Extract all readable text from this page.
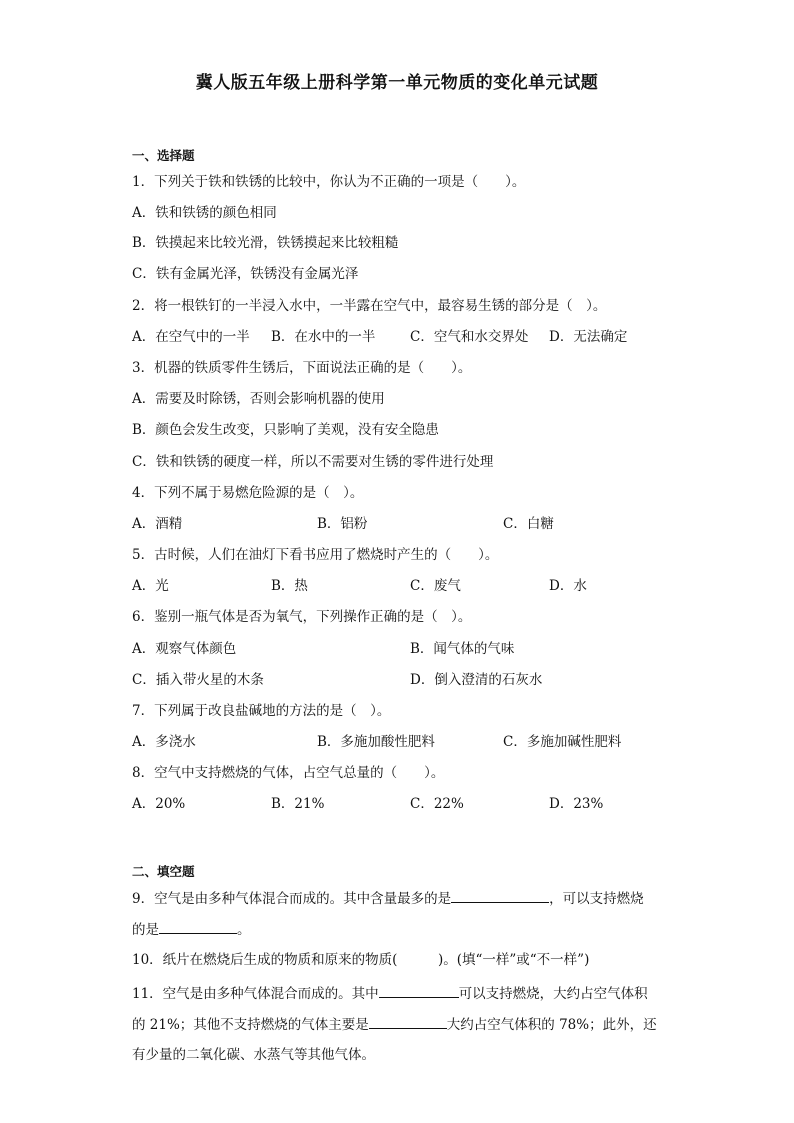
冀人版五年级上册科学第一单元物质的变化单元试题
一、选择题
1．下列关于铁和铁锈的比较中，你认为不正确的一项是（　　）。
A．铁和铁锈的颜色相同
B．铁摸起来比较光滑，铁锈摸起来比较粗糙
C．铁有金属光泽，铁锈没有金属光泽
2．将一根铁钉的一半浸入水中，一半露在空气中，最容易生锈的部分是（　）。
A．在空气中的一半 B．在水中的一半	C．空气和水交界处 D．无法确定
3．机器的铁质零件生锈后，下面说法正确的是（　　）。
A．需要及时除锈，否则会影响机器的使用
B．颜色会发生改变，只影响了美观，没有安全隐患
C．铁和铁锈的硬度一样，所以不需要对生锈的零件进行处理
4．下列不属于易燃危险源的是（　）。
A．酒精	B．铝粉	C．白糖
5．古时候，人们在油灯下看书应用了燃烧时产生的（　　）。
A．光	B．热	C．废气	D．水
6．鉴别一瓶气体是否为氧气，下列操作正确的是（　）。
A．观察气体颜色	B．闻气体的气味
C．插入带火星的木条	D．倒入澄清的石灰水
7．下列属于改良盐碱地的方法的是（　）。
A．多浇水	B．多施加酸性肥料	C．多施加碱性肥料
8．空气中支持燃烧的气体，占空气总量的（　　）。
A．20%	B．21%	C．22%	D．23%
二、填空题
9．空气是由多种气体混合而成的。其中含量最多的是	，可以支持燃烧
的是	。
10．纸片在燃烧后生成的物质和原来的物质(　　　)。(填“一样”或“不一样”)
11．空气是由多种气体混合而成的。其中	可以支持燃烧，大约占空气体积
的 21%；其他不支持燃烧的气体主要是	大约占空气体积的 78%；此外，还
有少量的二氧化碳、水蒸气等其他气体。
